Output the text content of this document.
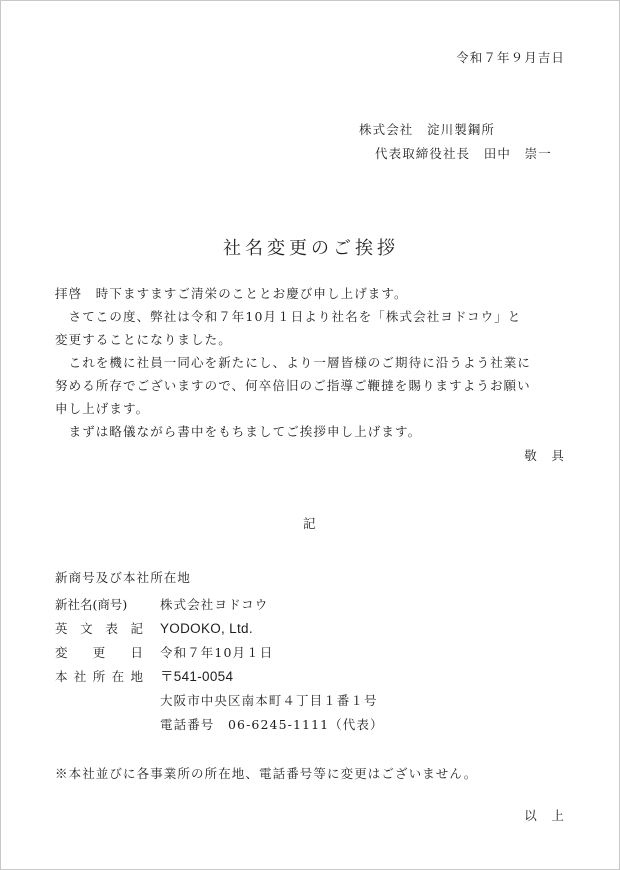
令和７年９月吉日
株式会社　淀川製鋼所
代表取締役社長　田中　崇一
社名変更のご挨拶
拝啓　時下ますますご清栄のこととお慶び申し上げます。
　さてこの度、弊社は令和７年10月１日より社名を「株式会社ヨドコウ」と
変更することになりました。
　これを機に社員一同心を新たにし、より一層皆様のご期待に沿うよう社業に
努める所存でございますので、何卒倍旧のご指導ご鞭撻を賜りますようお願い
申し上げます。
　まずは略儀ながら書中をもちましてご挨拶申し上げます。
敬　具
記
新商号及び本社所在地
新社名(商号)	株式会社ヨドコウ
英文表記 YODOKO, Ltd.
変更日 令和７年10月１日
本社所在地 〒541-0054
大阪市中央区南本町４丁目１番１号
電話番号　06-6245-1111（代表）
※本社並びに各事業所の所在地、電話番号等に変更はございません。
以　上
